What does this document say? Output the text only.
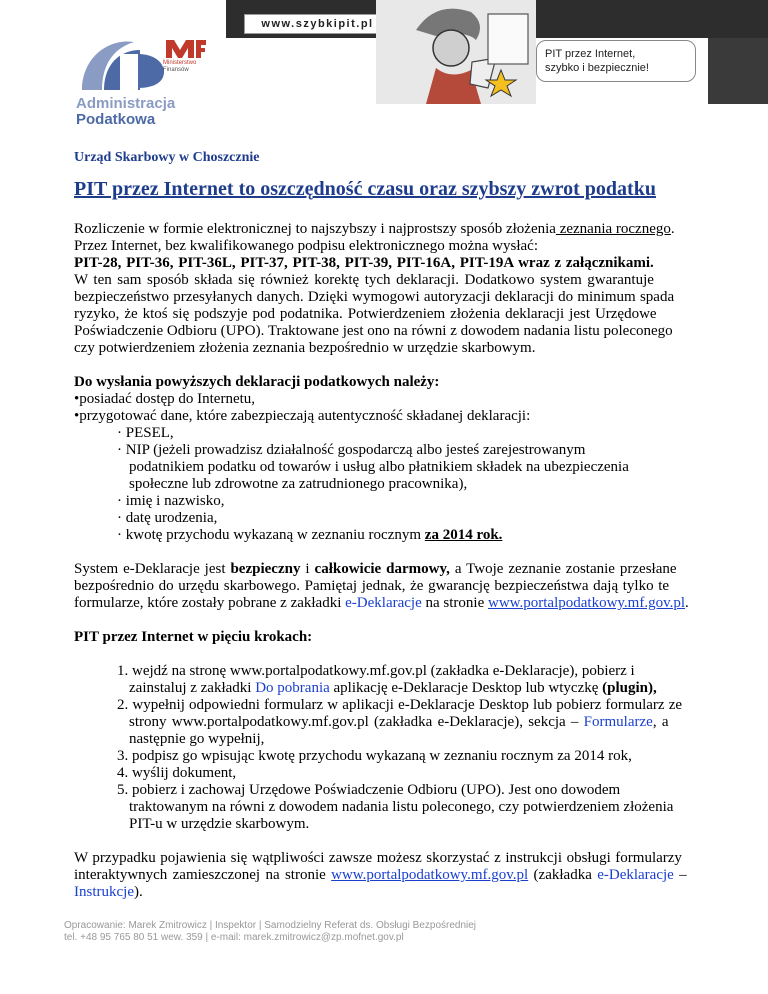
Administracja
Podatkowa
Ministerstwo
Finansów
www.szybkipit.pl
PIT przez Internet,
szybko i bezpiecznie!
Urząd Skarbowy w Choszcznie
PIT przez Internet to oszczędność czasu oraz szybszy zwrot podatku
Rozliczenie w formie elektronicznej to najszybszy i najprostszy sposób złożenia zeznania rocznego.
Przez Internet, bez kwalifikowanego podpisu elektronicznego można wysłać:
PIT-28, PIT-36, PIT-36L, PIT-37, PIT-38, PIT-39, PIT-16A, PIT-19A wraz z załącznikami.
W ten sam sposób składa się również korektę tych deklaracji. Dodatkowo system gwarantuje
bezpieczeństwo przesyłanych danych. Dzięki wymogowi autoryzacji deklaracji do minimum spada
ryzyko, że ktoś się podszyje pod podatnika. Potwierdzeniem złożenia deklaracji jest Urzędowe
Poświadczenie Odbioru (UPO). Traktowane jest ono na równi z dowodem nadania listu poleconego
czy potwierdzeniem złożenia zeznania bezpośrednio w urzędzie skarbowym.
Do wysłania powyższych deklaracji podatkowych należy:
•posiadać dostęp do Internetu,
•przygotować dane, które zabezpieczają autentyczność składanej deklaracji:
· PESEL,
· NIP (jeżeli prowadzisz działalność gospodarczą albo jesteś zarejestrowanym
podatnikiem podatku od towarów i usług albo płatnikiem składek na ubezpieczenia
społeczne lub zdrowotne za zatrudnionego pracownika),
· imię i nazwisko,
· datę urodzenia,
· kwotę przychodu wykazaną w zeznaniu rocznym za 2014 rok.
System e-Deklaracje jest bezpieczny i całkowicie darmowy, a Twoje zeznanie zostanie przesłane
bezpośrednio do urzędu skarbowego. Pamiętaj jednak, że gwarancję bezpieczeństwa dają tylko te
formularze, które zostały pobrane z zakładki e-Deklaracje na stronie www.portalpodatkowy.mf.gov.pl.
PIT przez Internet w pięciu krokach:
1. wejdź na stronę www.portalpodatkowy.mf.gov.pl (zakładka e-Deklaracje), pobierz i
zainstaluj z zakładki Do pobrania aplikację e-Deklaracje Desktop lub wtyczkę (plugin),
2. wypełnij odpowiedni formularz w aplikacji e-Deklaracje Desktop lub pobierz formularz ze
strony www.portalpodatkowy.mf.gov.pl (zakładka e-Deklaracje), sekcja – Formularze, a
następnie go wypełnij,
3. podpisz go wpisując kwotę przychodu wykazaną w zeznaniu rocznym za 2014 rok,
4. wyślij dokument,
5. pobierz i zachowaj Urzędowe Poświadczenie Odbioru (UPO). Jest ono dowodem
traktowanym na równi z dowodem nadania listu poleconego, czy potwierdzeniem złożenia
PIT-u w urzędzie skarbowym.
W przypadku pojawienia się wątpliwości zawsze możesz skorzystać z instrukcji obsługi formularzy
interaktywnych zamieszczonej na stronie www.portalpodatkowy.mf.gov.pl (zakładka e-Deklaracje –
Instrukcje).
Opracowanie: Marek Zmitrowicz | Inspektor | Samodzielny Referat ds. Obsługi Bezpośredniej
tel. +48 95 765 80 51 wew. 359 | e-mail: marek.zmitrowicz@zp.mofnet.gov.pl
